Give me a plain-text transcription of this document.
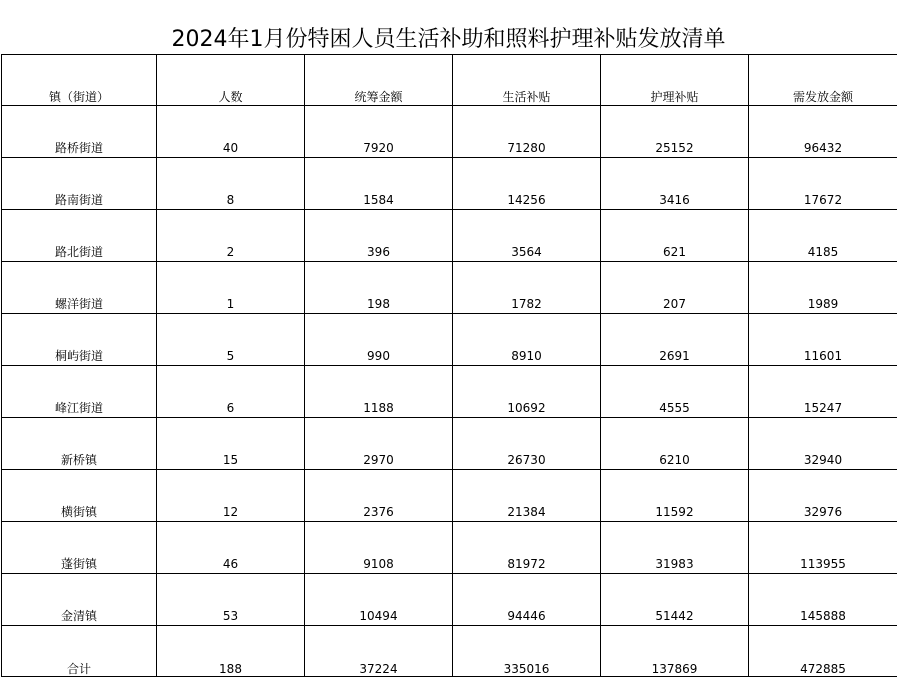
2024年1月份特困人员生活补助和照料护理补贴发放清单
镇（街道）	人数	统筹金额	生活补贴	护理补贴	需发放金额
路桥街道	40	7920	71280	25152	96432
路南街道	8	1584	14256	3416	17672
路北街道	2	396	3564	621	4185
螺洋街道	1	198	1782	207	1989
桐屿街道	5	990	8910	2691	11601
峰江街道	6	1188	10692	4555	15247
新桥镇	15	2970	26730	6210	32940
横街镇	12	2376	21384	11592	32976
蓬街镇	46	9108	81972	31983	113955
金清镇	53	10494	94446	51442	145888
合计	188	37224	335016	137869	472885
